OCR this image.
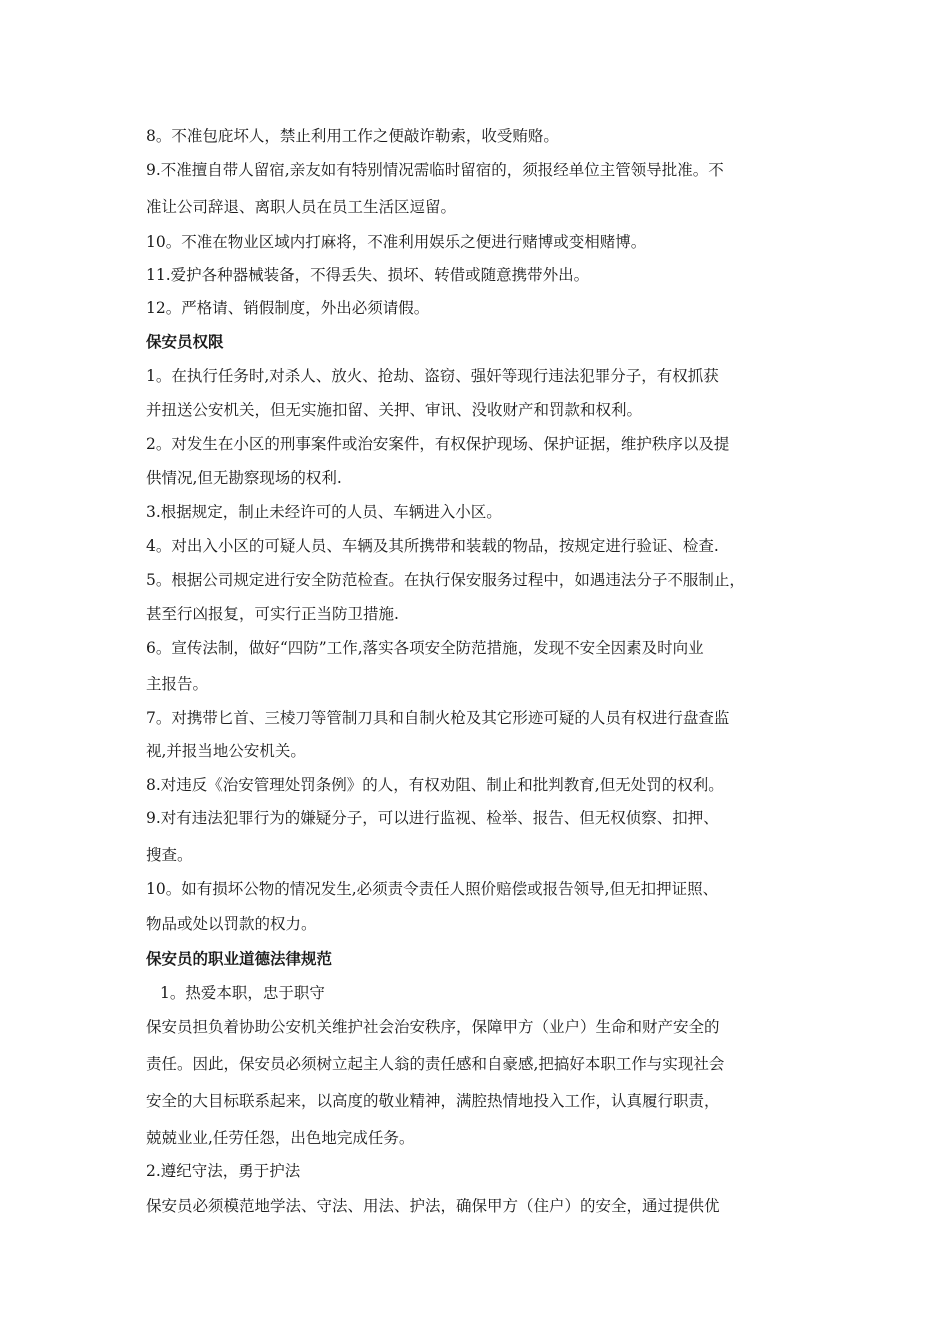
8。不准包庇坏人，禁止利用工作之便敲诈勒索，收受贿赂。
9.不准擅自带人留宿,亲友如有特别情况需临时留宿的，须报经单位主管领导批准。不
准让公司辞退、离职人员在员工生活区逗留。
10。不准在物业区域内打麻将，不准利用娱乐之便进行赌博或变相赌博。
11.爱护各种器械装备，不得丢失、损坏、转借或随意携带外出。
12。严格请、销假制度，外出必须请假。
保安员权限
1。在执行任务时,对杀人、放火、抢劫、盗窃、强奸等现行违法犯罪分子，有权抓获
并扭送公安机关，但无实施扣留、关押、审讯、没收财产和罚款和权利。
2。对发生在小区的刑事案件或治安案件，有权保护现场、保护证据，维护秩序以及提
供情况,但无勘察现场的权利.
3.根据规定，制止未经许可的人员、车辆进入小区。
4。对出入小区的可疑人员、车辆及其所携带和装载的物品，按规定进行验证、检查.
5。根据公司规定进行安全防范检查。在执行保安服务过程中，如遇违法分子不服制止，
甚至行凶报复，可实行正当防卫措施.
6。宣传法制，做好“四防”工作,落实各项安全防范措施，发现不安全因素及时向业
主报告。
7。对携带匕首、三棱刀等管制刀具和自制火枪及其它形迹可疑的人员有权进行盘查监
视,并报当地公安机关。
8.对违反《治安管理处罚条例》的人，有权劝阻、制止和批判教育,但无处罚的权利。
9.对有违法犯罪行为的嫌疑分子，可以进行监视、检举、报告、但无权侦察、扣押、
搜查。
10。如有损坏公物的情况发生,必须责令责任人照价赔偿或报告领导,但无扣押证照、
物品或处以罚款的权力。
保安员的职业道德法律规范
1。热爱本职，忠于职守
保安员担负着协助公安机关维护社会治安秩序，保障甲方（业户）生命和财产安全的
责任。因此，保安员必须树立起主人翁的责任感和自豪感,把搞好本职工作与实现社会
安全的大目标联系起来，以高度的敬业精神，满腔热情地投入工作，认真履行职责，
兢兢业业,任劳任怨，出色地完成任务。
2.遵纪守法，勇于护法
保安员必须模范地学法、守法、用法、护法，确保甲方（住户）的安全，通过提供优
